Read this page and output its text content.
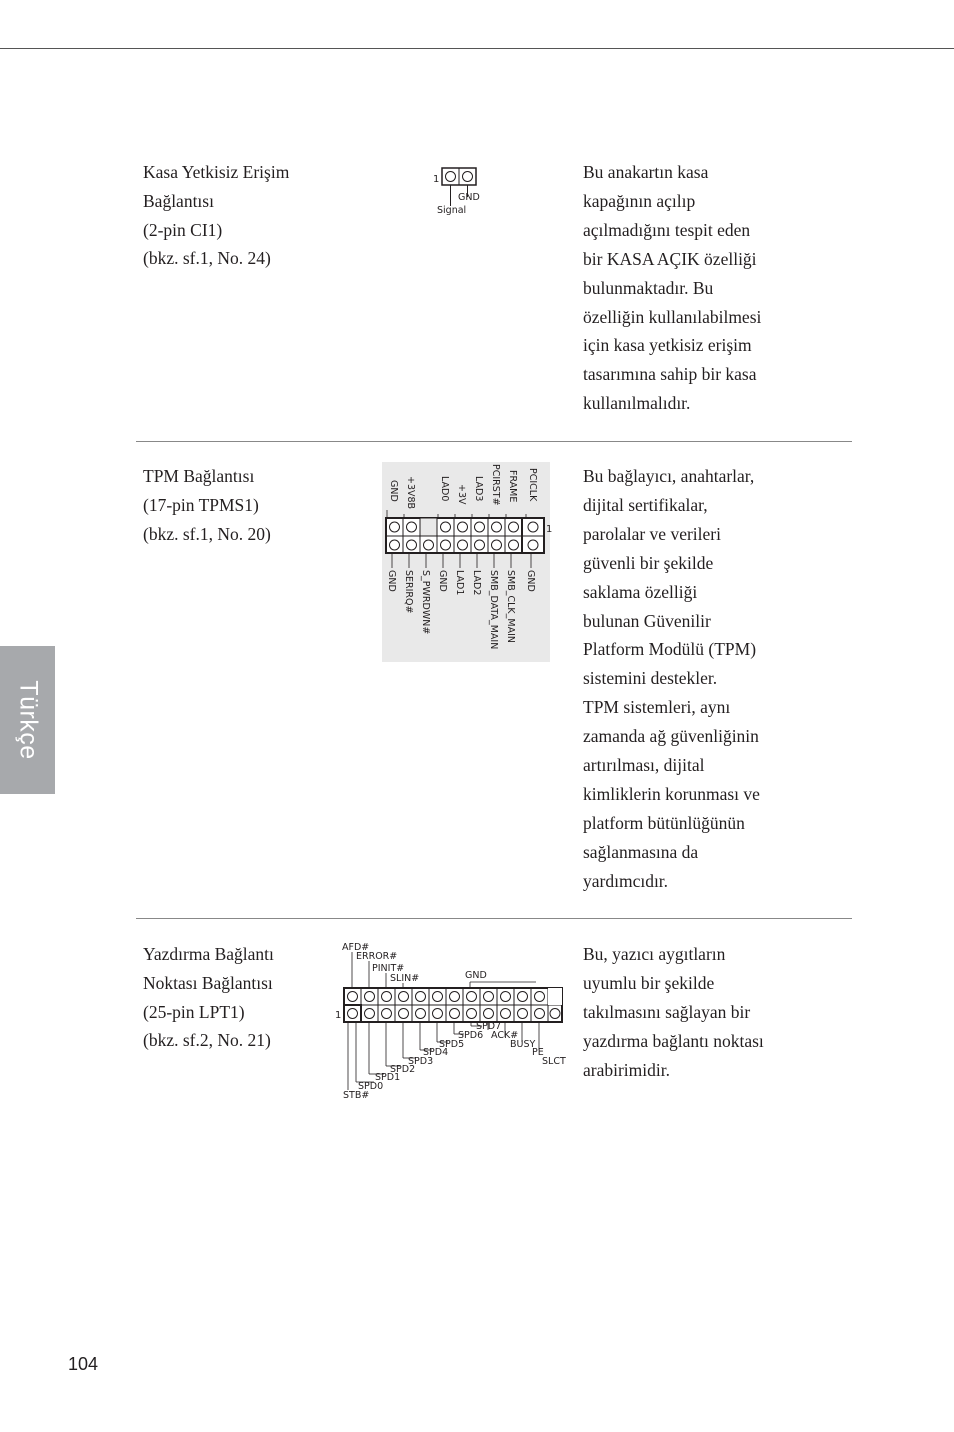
Kasa Yetkisiz Erişim
Bağlantısı
(2-pin CI1)
(bkz. sf.1, No. 24)
1
GND
Signal
Bu anakartın kasa
kapağının açılıp
açılmadığını tespit eden
bir KASA AÇIK özelliği
bulunmaktadır. Bu
özelliğin kullanılabilmesi
için kasa yetkisiz erişim
tasarımına sahip bir kasa
kullanılmalıdır.
TPM Bağlantısı
(17-pin TPMS1)
(bkz. sf.1, No. 20)
GND +3V8B LAD0 +3V LAD3 PCIRST# FRAME PCICLK
1
GND SERIRQ# S_PWRDWN# GND LAD1 LAD2 SMB_DATA_MAIN SMB_CLK_MAIN GND
Bu bağlayıcı, anahtarlar,
dijital sertifikalar,
parolalar ve verileri
güvenli bir şekilde
saklama özelliği
bulunan Güvenilir
Platform Modülü (TPM)
sistemini destekler.
TPM sistemleri, aynı
zamanda ağ güvenliğinin
artırılması, dijital
kimliklerin korunması ve
platform bütünlüğünün
sağlanmasına da
yardımcıdır.
Yazdırma Bağlantı
Noktası Bağlantısı
(25-pin LPT1)
(bkz. sf.2, No. 21)
AFD#
ERROR#
PINIT#
SLIN#	GND
1
STB#
SPD0
SPD1
SPD2
SPD3
SPD4
SPD5
SPD6
SPD7
ACK#
BUSY
PE
SLCT
Bu, yazıcı aygıtların
uyumlu bir şekilde
takılmasını sağlayan bir
yazdırma bağlantı noktası
arabirimidir.
Türkçe
104
